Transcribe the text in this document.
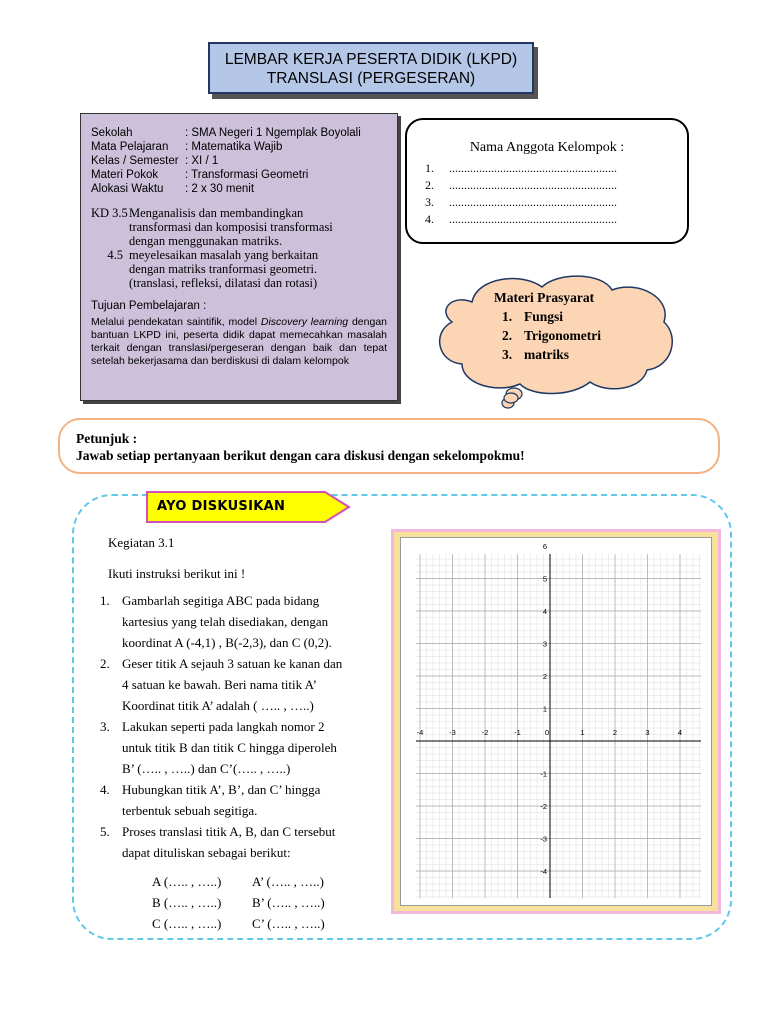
LEMBAR KERJA PESERTA DIDIK (LKPD)
TRANSLASI (PERGESERAN)
Sekolah	: SMA Negeri 1 Ngemplak Boyolali
Mata Pelajaran	: Matematika Wajib
Kelas / Semester : XI / 1
Materi Pokok	: Transformasi Geometri
Alokasi Waktu	: 2 x 30 menit
KD 3.5 Menganalisis dan membandingkan
transformasi dan komposisi transformasi
dengan menggunakan matriks.
4.5 meyelesaikan masalah yang berkaitan
dengan matriks tranformasi geometri.
(translasi, refleksi, dilatasi dan rotasi)
Tujuan Pembelajaran :
Melalui pendekatan saintifik, model Discovery learning dengan bantuan LKPD ini, peserta didik dapat memecahkan masalah terkait dengan translasi/pergeseran dengan baik dan tepat setelah bekerjasama dan berdiskusi di dalam kelompok
Nama Anggota Kelompok :
1.	........................................................
2.	........................................................
3.	........................................................
4.	........................................................
Materi Prasyarat
1. Fungsi
2. Trigonometri
3. matriks
Petunjuk :
Jawab setiap pertanyaan berikut dengan cara diskusi dengan sekelompokmu!
AYO DISKUSIKAN

Kegiatan 3.1

Ikuti instruksi berikut ini !

1. Gambarlah segitiga ABC pada bidang
kartesius yang telah disediakan, dengan
koordinat A (-4,1) , B(-2,3), dan C (0,2).
2. Geser titik A sejauh 3 satuan ke kanan dan
4 satuan ke bawah. Beri nama titik A’
Koordinat titik A’ adalah ( ….. , …..)
3. Lakukan seperti pada langkah nomor 2
untuk titik B dan titik C hingga diperoleh
B’ (….. , …..) dan C’(….. , …..)
4. Hubungkan titik A’, B’, dan C’ hingga
terbentuk sebuah segitiga.
5. Proses translasi titik A, B, dan C tersebut
dapat dituliskan sebagai berikut:
A (….. , …..)	A’ (….. , …..)
B (….. , …..)	B’ (….. , …..)
C (….. , …..)	C’ (….. , …..)
-4	-3	-2	-1	0	1	2	3	4
6
5
4
3
2
1
-1
-2
-3
-4
